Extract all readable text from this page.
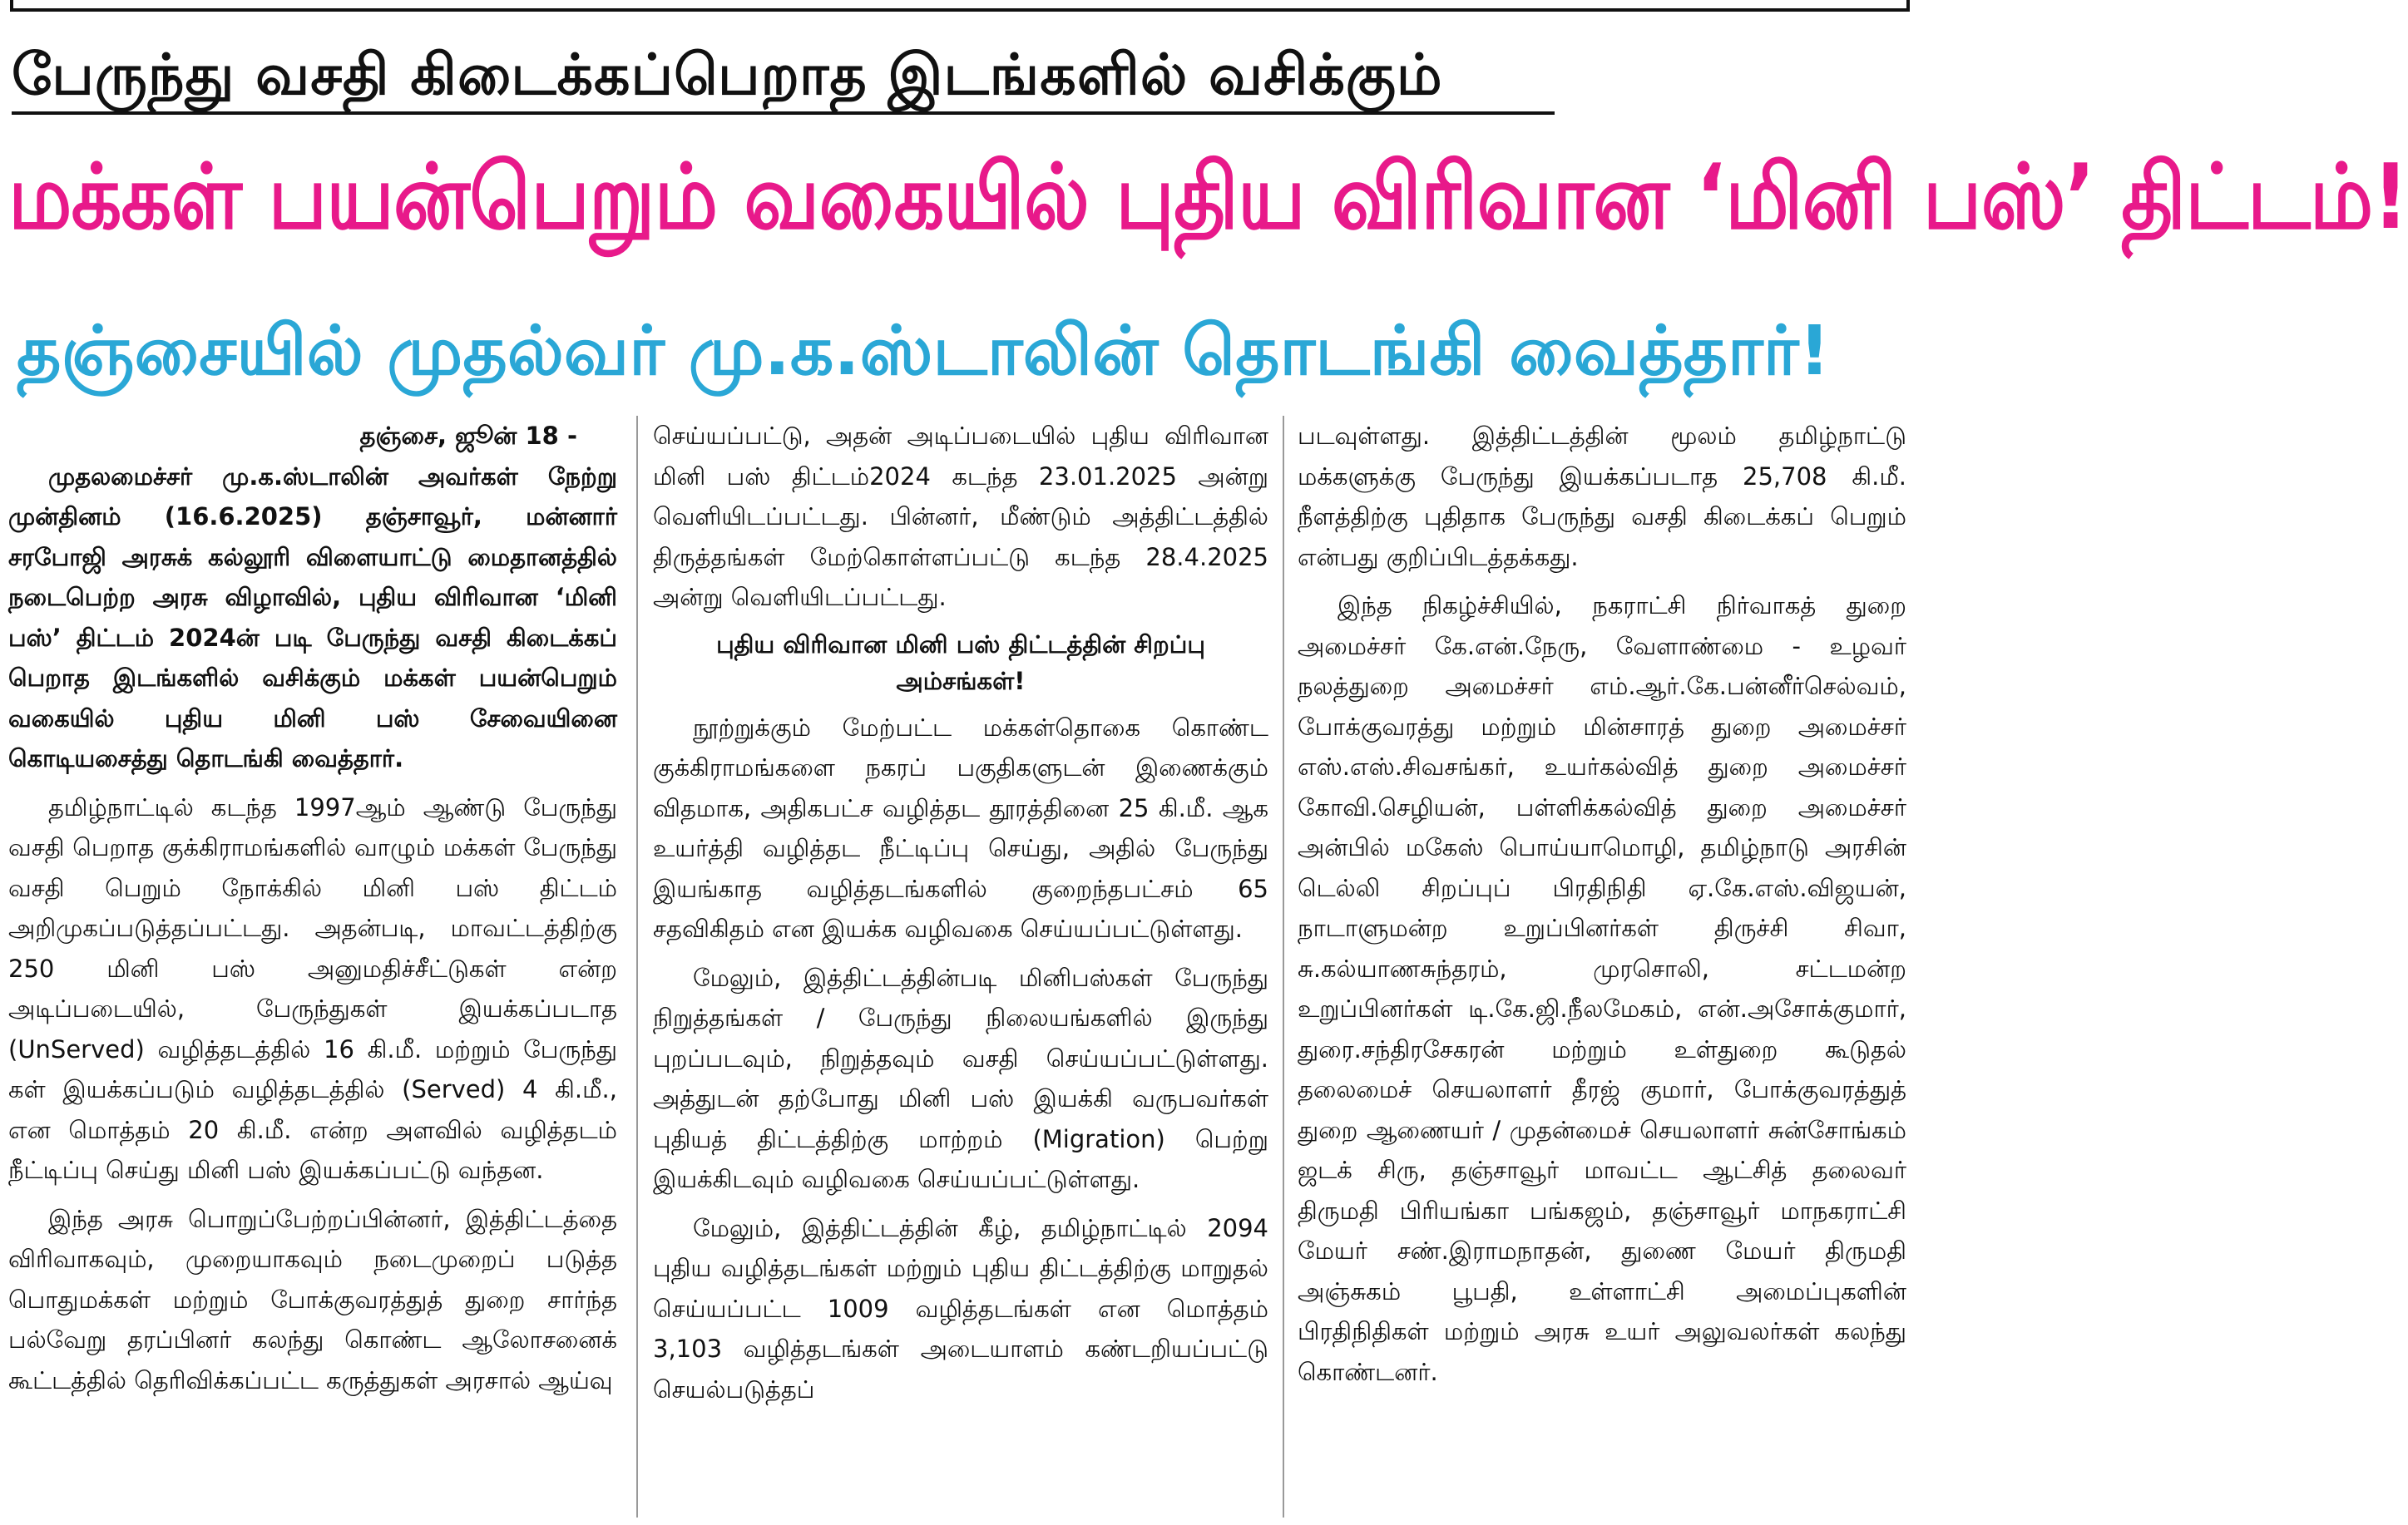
பேருந்து வசதி கிடைக்கப்பெறாத இடங்களில் வசிக்கும்
மக்கள் பயன்பெறும் வகையில் புதிய விரிவான ‘மினி பஸ்’ திட்டம்!
தஞ்சையில் முதல்வர் மு.க.ஸ்டாலின் தொடங்கி வைத்தார்!

தஞ்சை, ஜூன் 18 -

முதலமைச்சர் மு.க.ஸ்டாலின் அவர்கள் நேற்று முன்தினம் (16.6.2025) தஞ்சாவூர், மன்னார் சரபோஜி அரசுக் கல்லூரி விளையாட்டு மைதானத்தில் நடைபெற்ற அரசு விழாவில், புதிய விரிவான ‘மினி பஸ்’ திட்டம் 2024ன் படி பேருந்து வசதி கிடைக்கப் பெறாத இடங்களில் வசிக்கும் மக்கள் பயன்பெறும் வகையில் புதிய மினி பஸ் சேவையினை கொடியசைத்து தொடங்கி வைத்தார்.

தமிழ்நாட்டில் கடந்த 1997ஆம் ஆண்டு பேருந்து வசதி பெறாத குக்கிராமங்களில் வாழும் மக்கள் பேருந்து வசதி பெறும் நோக்கில் மினி பஸ் திட்டம் அறிமுகப்படுத்தப்பட்டது. அதன்படி, மாவட்டத்திற்கு 250 மினி பஸ் அனுமதிச்சீட்டுகள் என்ற அடிப்படையில், பேருந்துகள் இயக்கப்படாத (UnServed) வழித்தடத்தில் 16 கி.மீ. மற்றும் பேருந்து கள் இயக்கப்படும் வழித்தடத்தில் (Served) 4 கி.மீ., என மொத்தம் 20 கி.மீ. என்ற அளவில் வழித்தடம் நீட்டிப்பு செய்து மினி பஸ் இயக்கப்பட்டு வந்தன.

இந்த அரசு பொறுப்பேற்றப்பின்னர், இத்திட்டத்தை விரிவாகவும், முறையாகவும் நடைமுறைப் படுத்த பொதுமக்கள் மற்றும் போக்குவரத்துத் துறை சார்ந்த பல்வேறு தரப்பினர் கலந்து கொண்ட ஆலோசனைக் கூட்டத்தில் தெரிவிக்கப்பட்ட கருத்துகள் அரசால் ஆய்வு

செய்யப்பட்டு, அதன் அடிப்படையில் புதிய விரிவான மினி பஸ் திட்டம்2024 கடந்த 23.01.2025 அன்று வெளியிடப்பட்டது. பின்னர், மீண்டும் அத்திட்டத்தில் திருத்தங்கள் மேற்கொள்ளப்பட்டு கடந்த 28.4.2025 அன்று வெளியிடப்பட்டது.

புதிய விரிவான மினி பஸ் திட்டத்தின் சிறப்பு அம்சங்கள்!

நூற்றுக்கும் மேற்பட்ட மக்கள்தொகை கொண்ட குக்கிராமங்களை நகரப் பகுதிகளுடன் இணைக்கும் விதமாக, அதிகபட்ச வழித்தட தூரத்தினை 25 கி.மீ. ஆக உயர்த்தி வழித்தட நீட்டிப்பு செய்து, அதில் பேருந்து இயங்காத வழித்தடங்களில் குறைந்தபட்சம் 65 சதவிகிதம் என இயக்க வழிவகை செய்யப்பட்டுள்ளது.

மேலும், இத்திட்டத்தின்படி மினிபஸ்கள் பேருந்து நிறுத்தங்கள் / பேருந்து நிலையங்களில் இருந்து புறப்படவும், நிறுத்தவும் வசதி செய்யப்பட்டுள்ளது. அத்துடன் தற்போது மினி பஸ் இயக்கி வருபவர்கள் புதியத் திட்டத்திற்கு மாற்றம் (Migration) பெற்று இயக்கிடவும் வழிவகை செய்யப்பட்டுள்ளது.

மேலும், இத்திட்டத்தின் கீழ், தமிழ்நாட்டில் 2094 புதிய வழித்தடங்கள் மற்றும் புதிய திட்டத்திற்கு மாறுதல் செய்யப்பட்ட 1009 வழித்தடங்கள் என மொத்தம் 3,103 வழித்தடங்கள் அடையாளம் கண்டறியப்பட்டு செயல்படுத்தப்

படவுள்ளது. இத்திட்டத்தின் மூலம் தமிழ்நாட்டு மக்களுக்கு பேருந்து இயக்கப்படாத 25,708 கி.மீ. நீளத்திற்கு புதிதாக பேருந்து வசதி கிடைக்கப் பெறும் என்பது குறிப்பிடத்தக்கது.

இந்த நிகழ்ச்சியில், நகராட்சி நிர்வாகத் துறை அமைச்சர் கே.என்.நேரு, வேளாண்மை - உழவர் நலத்துறை அமைச்சர் எம்.ஆர்.கே.பன்னீர்செல்வம், போக்குவரத்து மற்றும் மின்சாரத் துறை அமைச்சர் எஸ்.எஸ்.சிவசங்கர், உயர்கல்வித் துறை அமைச்சர் கோவி.செழியன், பள்ளிக்கல்வித் துறை அமைச்சர் அன்பில் மகேஸ் பொய்யாமொழி, தமிழ்நாடு அரசின் டெல்லி சிறப்புப் பிரதிநிதி ஏ.கே.எஸ்.விஜயன், நாடாளுமன்ற உறுப்பினர்கள் திருச்சி சிவா, சு.கல்யாணசுந்தரம், முரசொலி, சட்டமன்ற உறுப்பினர்கள் டி.கே.ஜி.நீலமேகம், என்.அசோக்குமார், துரை.சந்திரசேகரன் மற்றும் உள்துறை கூடுதல் தலைமைச் செயலாளர் தீரஜ் குமார், போக்குவரத்துத் துறை ஆணையர் / முதன்மைச் செயலாளர் சுன்சோங்கம் ஜடக் சிரு, தஞ்சாவூர் மாவட்ட ஆட்சித் தலைவர் திருமதி பிரியங்கா பங்கஜம், தஞ்சாவூர் மாநகராட்சி மேயர் சண்.இராமநாதன், துணை மேயர் திருமதி அஞ்சுகம் பூபதி, உள்ளாட்சி அமைப்புகளின் பிரதிநிதிகள் மற்றும் அரசு உயர் அலுவலர்கள் கலந்து கொண்டனர்.
